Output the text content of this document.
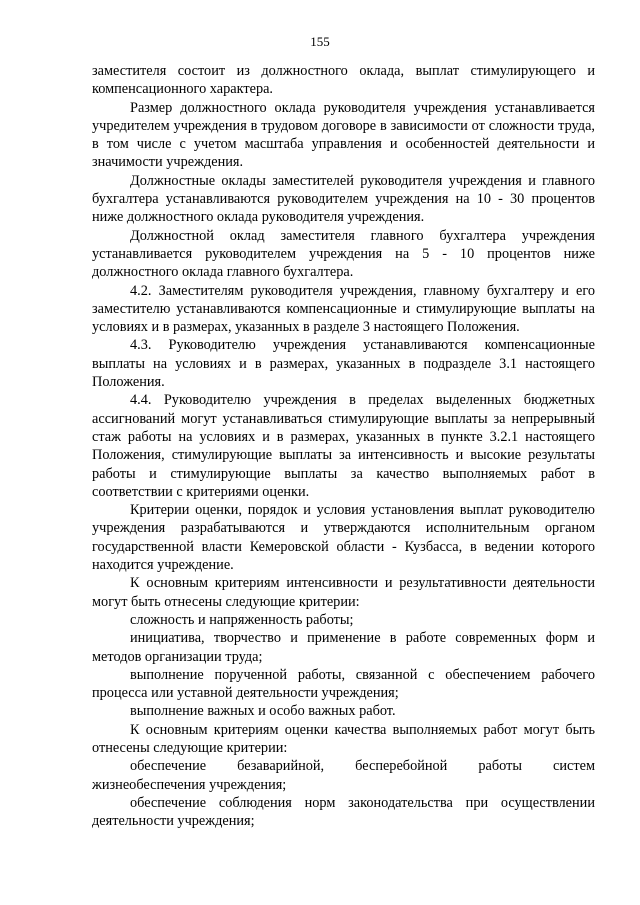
155

заместителя состоит из должностного оклада, выплат стимулирующего и компенсационного характера.

Размер должностного оклада руководителя учреждения устанавливается учредителем учреждения в трудовом договоре в зависимости от сложности труда, в том числе с учетом масштаба управления и особенностей деятельности и значимости учреждения.

Должностные оклады заместителей руководителя учреждения и главного бухгалтера устанавливаются руководителем учреждения на 10 - 30 процентов ниже должностного оклада руководителя учреждения.

Должностной оклад заместителя главного бухгалтера учреждения устанавливается руководителем учреждения на 5 - 10 процентов ниже должностного оклада главного бухгалтера.

4.2. Заместителям руководителя учреждения, главному бухгалтеру и его заместителю устанавливаются компенсационные и стимулирующие выплаты на условиях и в размерах, указанных в разделе 3 настоящего Положения.

4.3. Руководителю учреждения устанавливаются компенсационные выплаты на условиях и в размерах, указанных в подразделе 3.1 настоящего Положения.

4.4. Руководителю учреждения в пределах выделенных бюджетных ассигнований могут устанавливаться стимулирующие выплаты за непрерывный стаж работы на условиях и в размерах, указанных в пункте 3.2.1 настоящего Положения, стимулирующие выплаты за интенсивность и высокие результаты работы и стимулирующие выплаты за качество выполняемых работ в соответствии с критериями оценки.

Критерии оценки, порядок и условия установления выплат руководителю учреждения разрабатываются и утверждаются исполнительным органом государственной власти Кемеровской области - Кузбасса, в ведении которого находится учреждение.

К основным критериям интенсивности и результативности деятельности могут быть отнесены следующие критерии:

сложность и напряженность работы;

инициатива, творчество и применение в работе современных форм и методов организации труда;

выполнение порученной работы, связанной с обеспечением рабочего процесса или уставной деятельности учреждения;

выполнение важных и особо важных работ.

К основным критериям оценки качества выполняемых работ могут быть отнесены следующие критерии:

обеспечение безаварийной, бесперебойной работы систем жизнеобеспечения учреждения;

обеспечение соблюдения норм законодательства при осуществлении деятельности учреждения;
